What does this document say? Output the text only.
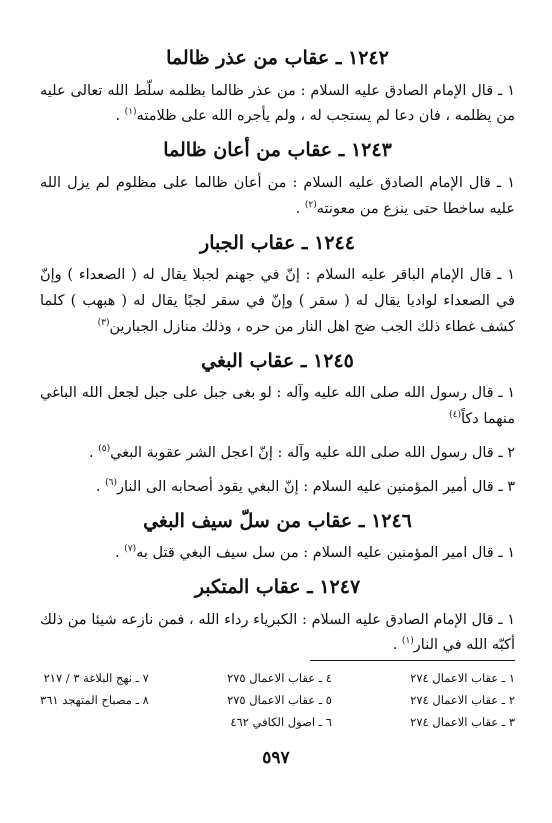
١٢٤٢ ـ عقاب من عذر ظالما

١ ـ قال الإمام الصادق عليه السلام : من عذر ظالما بظلمه سلّط الله تعالى عليه من يظلمه ، فان دعا لم يستجب له ، ولم يأجره الله على ظلامته$^{(١)}$ .

١٢٤٣ ـ عقاب من أعان ظالما

١ ـ قال الإمام الصادق عليه السلام : من أعان ظالما على مظلوم لم يزل الله عليه ساخطا حتى ينزع من معونته$^{(٢)}$ .

١٢٤٤ ـ عقاب الجبار

١ ـ قال الإمام الباقر عليه السلام : إنّ في جهنم لجبلا يقال له ( الصعداء ) وإنّ في الصعداء لواديا يقال له ( سقر ) وإنّ في سقر لجبًا يقال له ( هبهب ) كلما كشف غطاء ذلك الجب ضج اهل النار من حره ، وذلك منازل الجبارين$^{(٣)}$

١٢٤٥ ـ عقاب البغي

١ ـ قال رسول الله صلى الله عليه وآله : لو بغى جبل على جبل لجعل الله الباغي منهما دكاً$^{(٤)}$

٢ ـ قال رسول الله صلى الله عليه وآله : إنّ اعجل الشر عقوبة البغي$^{(٥)}$ .

٣ ـ قال أمير المؤمنين عليه السلام : إنّ البغي يقود أصحابه الى النار$^{(٦)}$ .

١٢٤٦ ـ عقاب من سلّ سيف البغي

١ ـ قال امير المؤمنين عليه السلام : من سل سيف البغي قتل به$^{(٧)}$ .

١٢٤٧ ـ عقاب المتكبر

١ ـ قال الإمام الصادق عليه السلام : الكبرياء رداء الله ، فمن نازعه شيئا من ذلك أكبّه الله في النار$^{(١)}$ .

١ ـ عقاب الاعمال ٢٧٤
٢ ـ عقاب الاعمال ٢٧٤
٣ ـ عقاب الاعمال ٢٧٤
٤ ـ عقاب الاعمال ٢٧٥
٥ ـ عقاب الاعمال ٢٧٥
٦ ـ اصول الكافي ٤٦٢
٧ ـ نهج البلاغة ٣ / ٢١٧
٨ ـ مصباح المتهجد ٣٦١
٥٩٧
